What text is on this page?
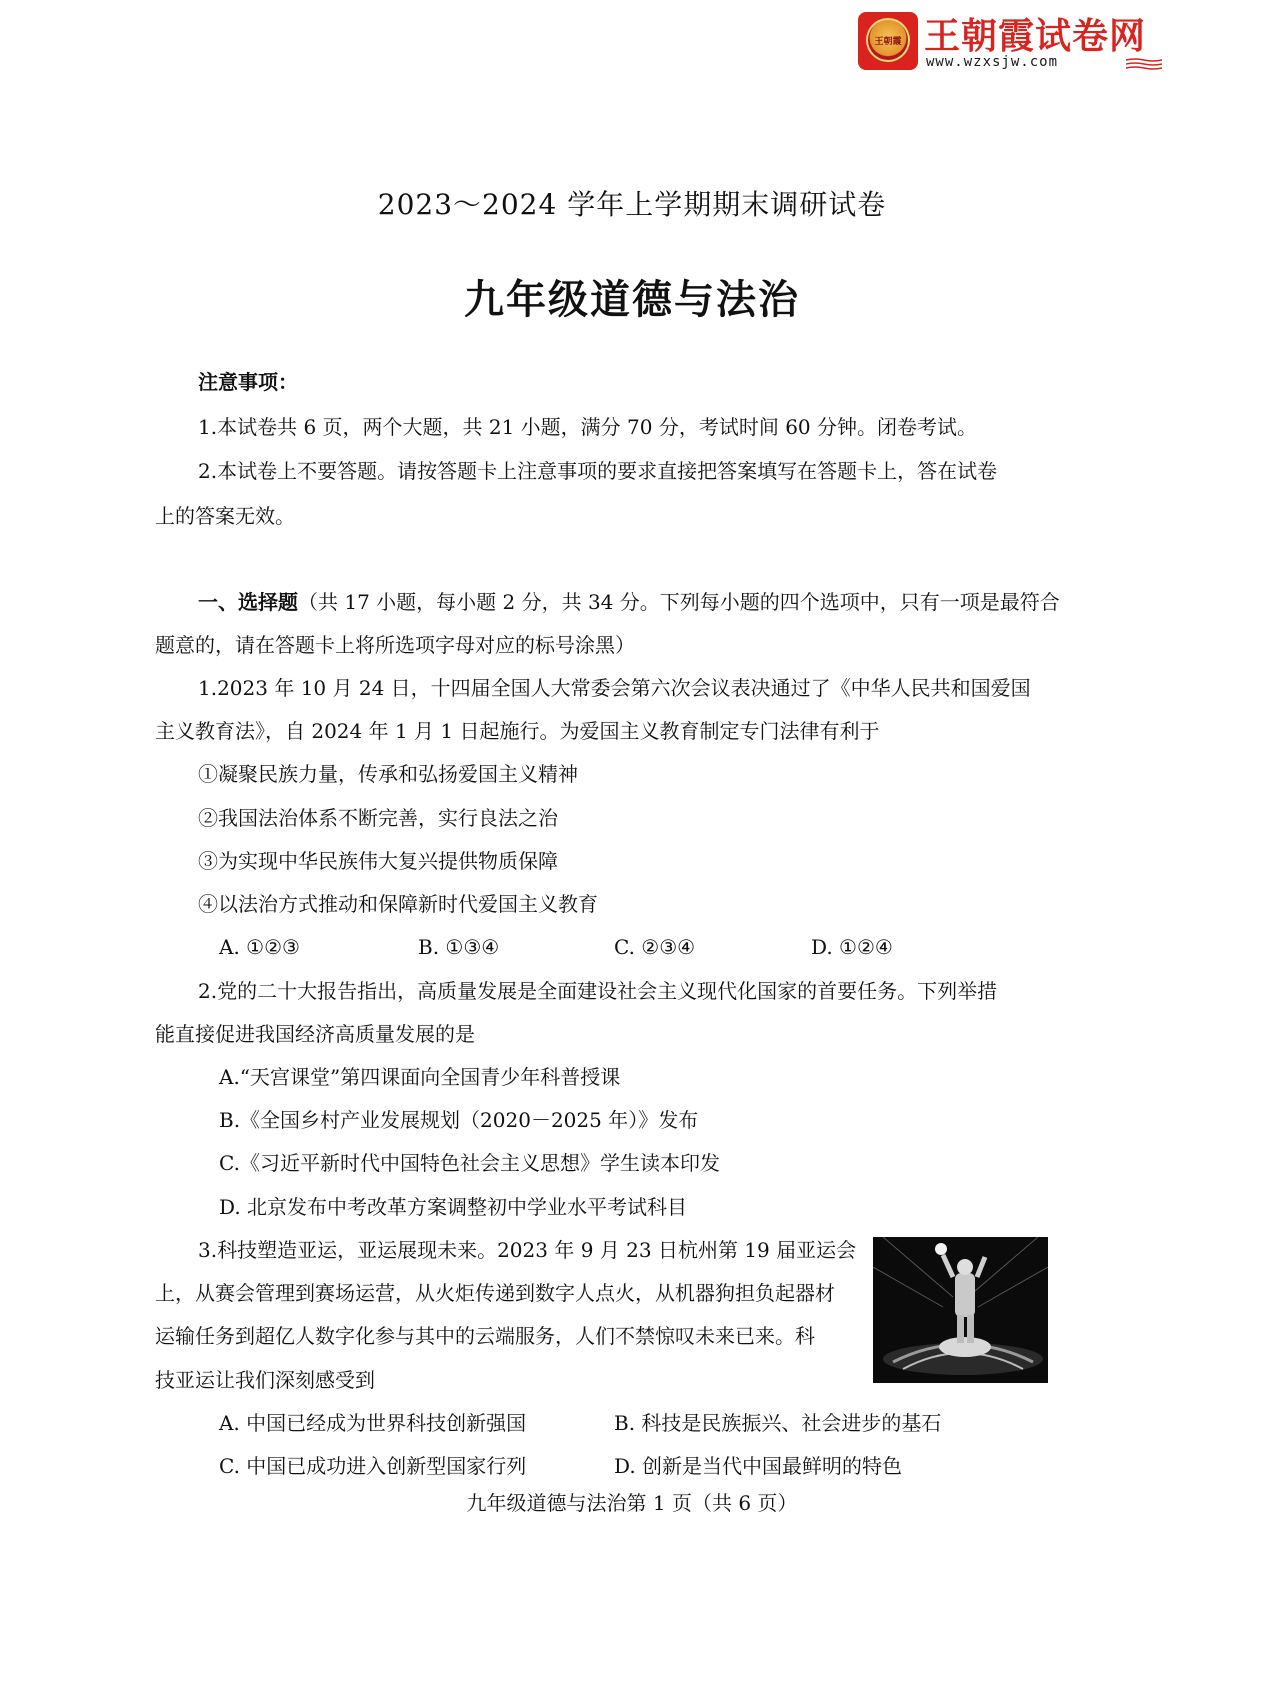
王朝霞 王朝霞试卷网
www.wzxsjw.com
2023～2024 学年上学期期末调研试卷
九年级道德与法治
注意事项：
1.本试卷共 6 页，两个大题，共 21 小题，满分 70 分，考试时间 60 分钟。闭卷考试。
2.本试卷上不要答题。请按答题卡上注意事项的要求直接把答案填写在答题卡上，答在试卷
上的答案无效。
一、选择题（共 17 小题，每小题 2 分，共 34 分。下列每小题的四个选项中，只有一项是最符合
题意的，请在答题卡上将所选项字母对应的标号涂黑）
1.2023 年 10 月 24 日，十四届全国人大常委会第六次会议表决通过了《中华人民共和国爱国
主义教育法》，自 2024 年 1 月 1 日起施行。为爱国主义教育制定专门法律有利于
①凝聚民族力量，传承和弘扬爱国主义精神
②我国法治体系不断完善，实行良法之治
③为实现中华民族伟大复兴提供物质保障
④以法治方式推动和保障新时代爱国主义教育
A. ①②③	B. ①③④	C. ②③④	D. ①②④
2.党的二十大报告指出，高质量发展是全面建设社会主义现代化国家的首要任务。下列举措
能直接促进我国经济高质量发展的是
A.“天宫课堂”第四课面向全国青少年科普授课
B.《全国乡村产业发展规划（2020－2025 年）》发布
C.《习近平新时代中国特色社会主义思想》学生读本印发
D. 北京发布中考改革方案调整初中学业水平考试科目
3.科技塑造亚运，亚运展现未来。2023 年 9 月 23 日杭州第 19 届亚运会
上，从赛会管理到赛场运营，从火炬传递到数字人点火，从机器狗担负起器材
运输任务到超亿人数字化参与其中的云端服务，人们不禁惊叹未来已来。科
技亚运让我们深刻感受到
A. 中国已经成为世界科技创新强国	B. 科技是民族振兴、社会进步的基石
C. 中国已成功进入创新型国家行列	D. 创新是当代中国最鲜明的特色
九年级道德与法治第 1 页（共 6 页）
